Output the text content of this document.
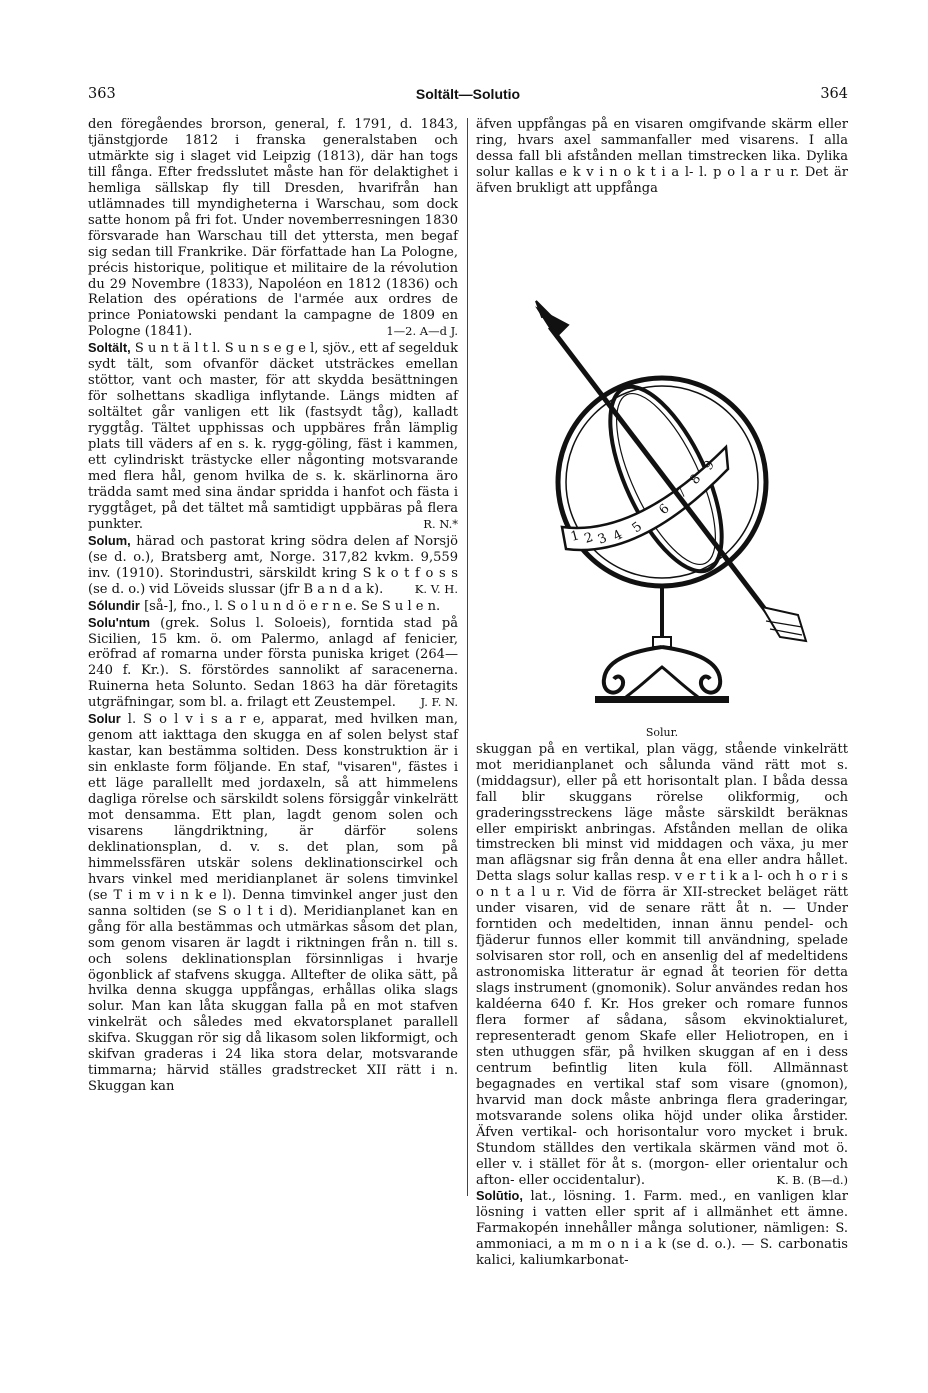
363	Soltält—Solutio	364

den föregåendes brorson, general, f. 1791, d. 1843, tjänstgjorde 1812 i franska generalstaben och utmärkte sig i slaget vid Leipzig (1813), där han togs till fånga. Efter fredsslutet måste han för delaktighet i hemliga sällskap fly till Dresden, hvarifrån han utlämnades till myndigheterna i Warschau, som dock satte honom på fri fot. Under novemberresningen 1830 försvarade han Warschau till det yttersta, men begaf sig sedan till Frankrike. Där författade han La Pologne, précis historique, politique et militaire de la révolution du 29 Novembre (1833), Napoléon en 1812 (1836) och Relation des opérations de l'armée aux ordres de prince Poniatowski pendant la campagne de 1809 en Pologne (1841).	1—2. A—d J.

Soltält, S u n t ä l t l. S u n s e g e l, sjöv., ett af segelduk sydt tält, som ofvanför däcket utsträckes emellan stöttor, vant och master, för att skydda besättningen för solhettans skadliga inflytande. Längs midten af soltältet går vanligen ett lik (fastsydt tåg), kalladt ryggtåg. Tältet upphissas och uppbäres från lämplig plats till väders af en s. k. rygg-göling, fäst i kammen, ett cylindriskt trästycke eller någonting motsvarande med flera hål, genom hvilka de s. k. skärlinorna äro trädda samt med sina ändar spridda i hanfot och fästa i ryggtåget, på det tältet må samtidigt uppbäras på flera punkter.	R. N.*

Solum, härad och pastorat kring södra delen af Norsjö (se d. o.), Bratsberg amt, Norge. 317,82 kvkm. 9,559 inv. (1910). Storindustri, särskildt kring S k o t f o s s (se d. o.) vid Löveids slussar (jfr B a n d a k).	K. V. H.

Sólundir [så-], fno., l. S o l u n d ö e r n e. Se S u l e n.

Solu'ntum (grek. Solus l. Soloeis), forntida stad på Sicilien, 15 km. ö. om Palermo, anlagd af fenicier, eröfrad af romarna under första puniska kriget (264—240 f. Kr.). S. förstördes sannolikt af saracenerna. Ruinerna heta Solunto. Sedan 1863 ha där företagits utgräfningar, som bl. a. frilagt ett Zeustempel.	J. F. N.

Solur l. S o l v i s a r e, apparat, med hvilken man, genom att iakttaga den skugga en af solen belyst staf kastar, kan bestämma soltiden. Dess konstruktion är i sin enklaste form följande. En staf, "visaren", fästes i ett läge parallellt med jordaxeln, så att himmelens dagliga rörelse och särskildt solens försiggår vinkelrätt mot densamma. Ett plan, lagdt genom solen och visarens längdriktning, är därför solens deklinationsplan, d. v. s. det plan, som på himmelssfären utskär solens deklinationscirkel och hvars vinkel med meridianplanet är solens timvinkel (se T i m v i n k e l). Denna timvinkel anger just den sanna soltiden (se S o l t i d). Meridianplanet kan en gång för alla bestämmas och utmärkas såsom det plan, som genom visaren är lagdt i riktningen från n. till s. och solens deklinationsplan försinnligas i hvarje ögonblick af stafvens skugga. Alltefter de olika sätt, på hvilka denna skugga uppfångas, erhållas olika slags solur. Man kan låta skuggan falla på en mot stafven vinkelrät och således med ekvatorsplanet parallell skifva. Skuggan rör sig då likasom solen likformigt, och skifvan graderas i 24 lika stora delar, motsvarande timmarna; härvid ställes gradstrecket XII rätt i n. Skuggan kan

äfven uppfångas på en visaren omgifvande skärm eller ring, hvars axel sammanfaller med visarens. I alla dessa fall bli afstånden mellan timstrecken lika. Dylika solur kallas e k v i n o k t i a l- l. p o l a r u r. Det är äfven brukligt att uppfånga

1 2 3 4 5
6
7
8
9
Solur.

skuggan på en vertikal, plan vägg, stående vinkelrätt mot meridianplanet och sålunda vänd rätt mot s. (middagsur), eller på ett horisontalt plan. I båda dessa fall blir skuggans rörelse olikformig, och graderingsstreckens läge måste särskildt beräknas eller empiriskt anbringas. Afstånden mellan de olika timstrecken bli minst vid middagen och växa, ju mer man aflägsnar sig från denna åt ena eller andra hållet. Detta slags solur kallas resp. v e r t i k a l- och h o r i s o n t a l u r. Vid de förra är XII-strecket beläget rätt under visaren, vid de senare rätt åt n. — Under forntiden och medeltiden, innan ännu pendel- och fjäderur funnos eller kommit till användning, spelade solvisaren stor roll, och en ansenlig del af medeltidens astronomiska litteratur är egnad åt teorien för detta slags instrument (gnomonik). Solur användes redan hos kaldéerna 640 f. Kr. Hos greker och romare funnos flera former af sådana, såsom ekvinoktialuret, representeradt genom Skafe eller Heliotropen, en i sten uthuggen sfär, på hvilken skuggan af en i dess centrum befintlig liten kula föll. Allmännast begagnades en vertikal staf som visare (gnomon), hvarvid man dock måste anbringa flera graderingar, motsvarande solens olika höjd under olika årstider. Äfven vertikal- och horisontalur voro mycket i bruk. Stundom ställdes den vertikala skärmen vänd mot ö. eller v. i stället för åt s. (morgon- eller orientalur och afton- eller occidentalur).	K. B. (B—d.)

Solūtio, lat., lösning. 1. Farm. med., en vanligen klar lösning i vatten eller sprit af i allmänhet ett ämne. Farmakopén innehåller många solutioner, nämligen: S. ammoniaci, a m m o n i a k (se d. o.). — S. carbonatis kalici, kaliumkarbonat-
